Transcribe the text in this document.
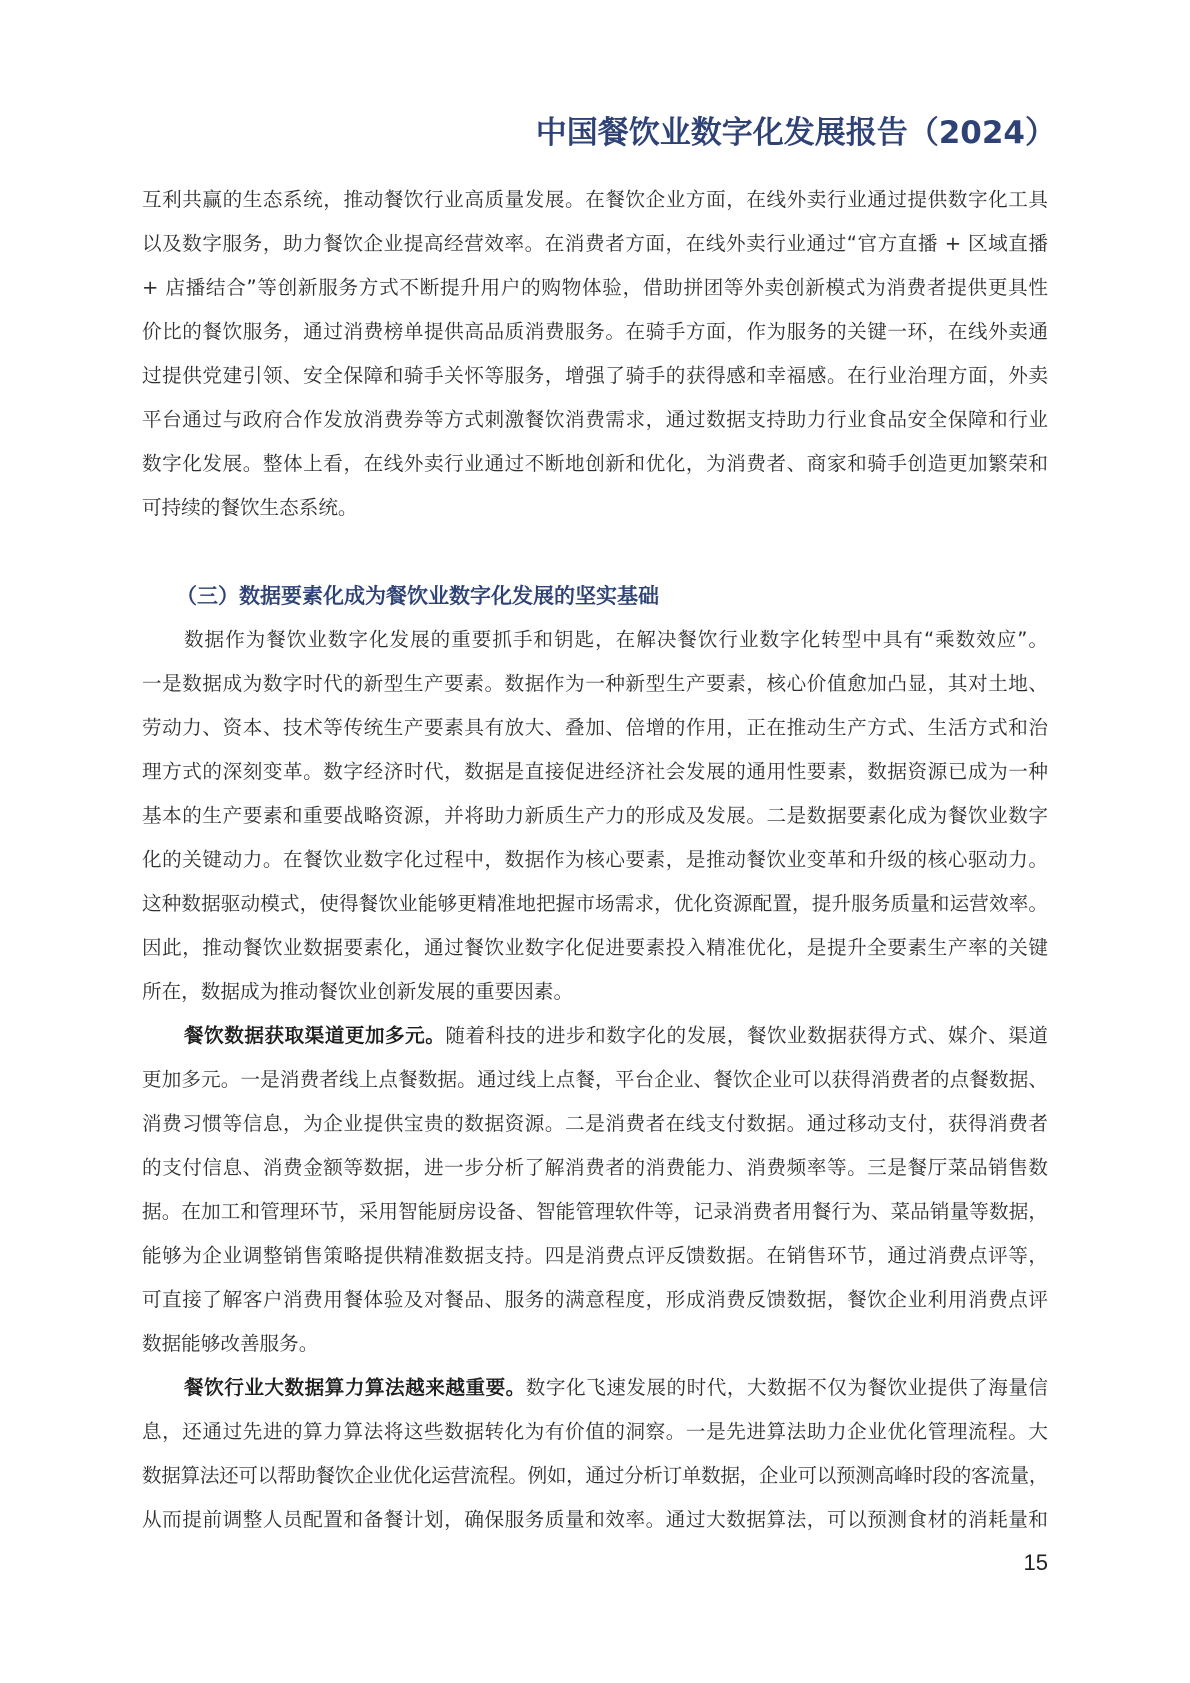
中国餐饮业数字化发展报告（2024）
互利共赢的生态系统，推动餐饮行业高质量发展。在餐饮企业方面，在线外卖行业通过提供数字化工具
以及数字服务，助力餐饮企业提高经营效率。在消费者方面，在线外卖行业通过“官方直播 + 区域直播
+ 店播结合”等创新服务方式不断提升用户的购物体验，借助拼团等外卖创新模式为消费者提供更具性
价比的餐饮服务，通过消费榜单提供高品质消费服务。在骑手方面，作为服务的关键一环，在线外卖通
过提供党建引领、安全保障和骑手关怀等服务，增强了骑手的获得感和幸福感。在行业治理方面，外卖
平台通过与政府合作发放消费券等方式刺激餐饮消费需求，通过数据支持助力行业食品安全保障和行业
数字化发展。整体上看，在线外卖行业通过不断地创新和优化，为消费者、商家和骑手创造更加繁荣和
可持续的餐饮生态系统。
（三）数据要素化成为餐饮业数字化发展的坚实基础
数据作为餐饮业数字化发展的重要抓手和钥匙，在解决餐饮行业数字化转型中具有“乘数效应”。
一是数据成为数字时代的新型生产要素。数据作为一种新型生产要素，核心价值愈加凸显，其对土地、
劳动力、资本、技术等传统生产要素具有放大、叠加、倍增的作用，正在推动生产方式、生活方式和治
理方式的深刻变革。数字经济时代，数据是直接促进经济社会发展的通用性要素，数据资源已成为一种
基本的生产要素和重要战略资源，并将助力新质生产力的形成及发展。二是数据要素化成为餐饮业数字
化的关键动力。在餐饮业数字化过程中，数据作为核心要素，是推动餐饮业变革和升级的核心驱动力。
这种数据驱动模式，使得餐饮业能够更精准地把握市场需求，优化资源配置，提升服务质量和运营效率。
因此，推动餐饮业数据要素化，通过餐饮业数字化促进要素投入精准优化，是提升全要素生产率的关键
所在，数据成为推动餐饮业创新发展的重要因素。
餐饮数据获取渠道更加多元。随着科技的进步和数字化的发展，餐饮业数据获得方式、媒介、渠道
更加多元。一是消费者线上点餐数据。通过线上点餐，平台企业、餐饮企业可以获得消费者的点餐数据、
消费习惯等信息，为企业提供宝贵的数据资源。二是消费者在线支付数据。通过移动支付，获得消费者
的支付信息、消费金额等数据，进一步分析了解消费者的消费能力、消费频率等。三是餐厅菜品销售数
据。在加工和管理环节，采用智能厨房设备、智能管理软件等，记录消费者用餐行为、菜品销量等数据，
能够为企业调整销售策略提供精准数据支持。四是消费点评反馈数据。在销售环节，通过消费点评等，
可直接了解客户消费用餐体验及对餐品、服务的满意程度，形成消费反馈数据，餐饮企业利用消费点评
数据能够改善服务。
餐饮行业大数据算力算法越来越重要。数字化飞速发展的时代，大数据不仅为餐饮业提供了海量信
息，还通过先进的算力算法将这些数据转化为有价值的洞察。一是先进算法助力企业优化管理流程。大
数据算法还可以帮助餐饮企业优化运营流程。例如，通过分析订单数据，企业可以预测高峰时段的客流量，
从而提前调整人员配置和备餐计划，确保服务质量和效率。通过大数据算法，可以预测食材的消耗量和
15
